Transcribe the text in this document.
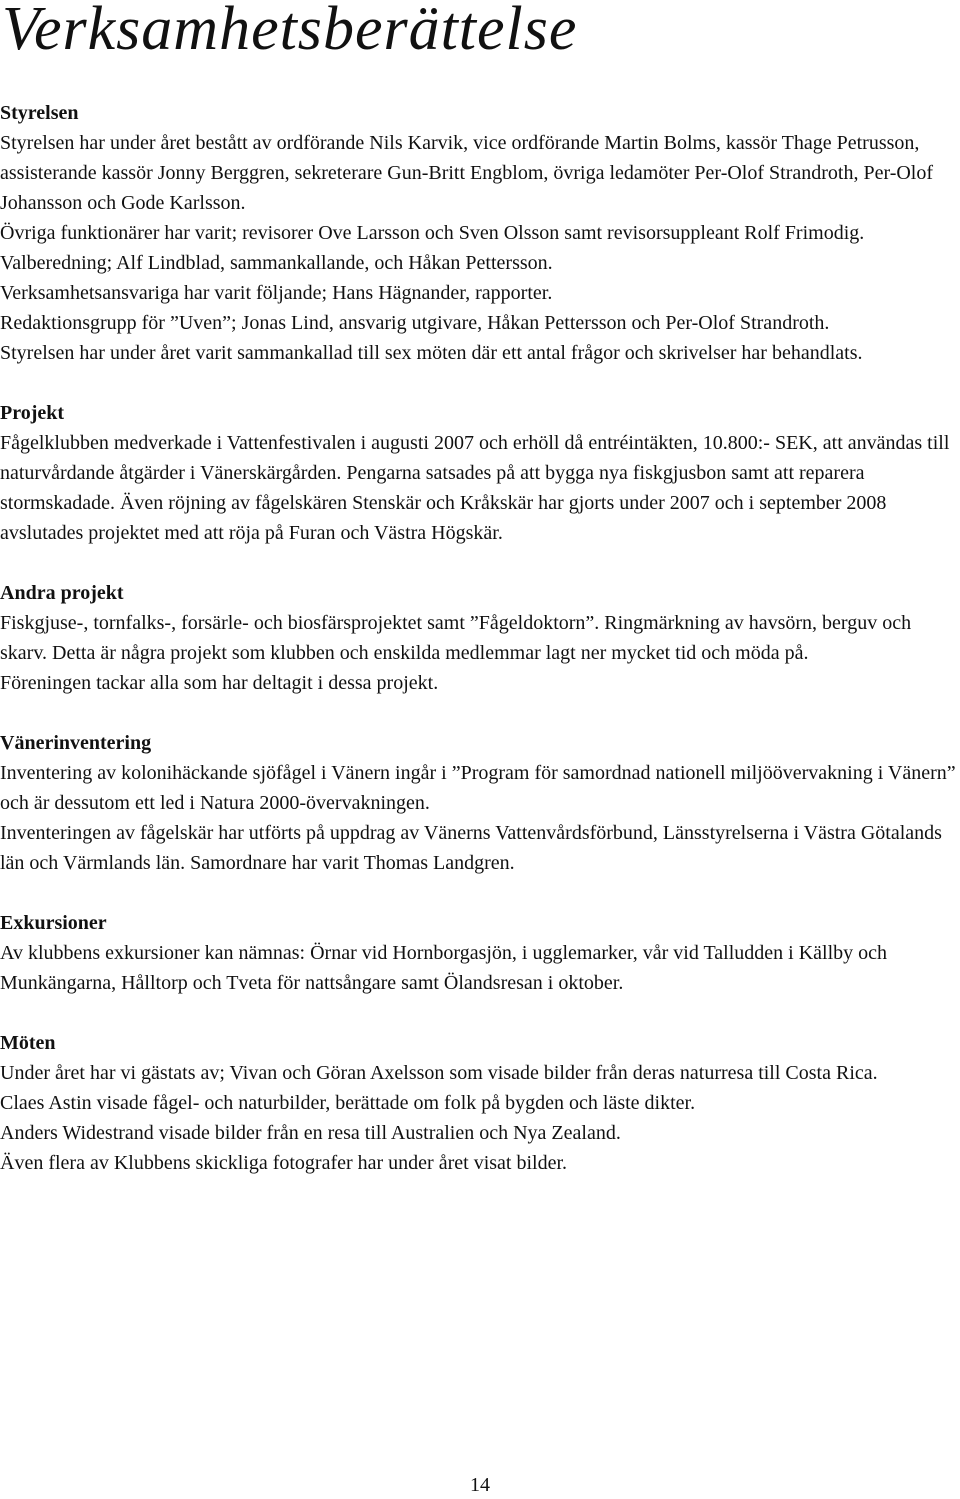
Verksamhetsberättelse
Styrelsen

Styrelsen har under året bestått av ordförande Nils Karvik, vice ordförande Martin Bolms, kassör Thage Petrusson, assisterande kassör Jonny Berggren, sekreterare Gun-Britt Engblom, övriga ledamöter Per-Olof Strandroth, Per-Olof Johansson och Gode Karlsson.

Övriga funktionärer har varit; revisorer Ove Larsson och Sven Olsson samt revisorsuppleant Rolf Frimodig.

Valberedning; Alf Lindblad, sammankallande, och Håkan Pettersson.

Verksamhetsansvariga har varit följande; Hans Hägnander, rapporter.

Redaktionsgrupp för ”Uven”; Jonas Lind, ansvarig utgivare, Håkan Pettersson och Per-Olof Strandroth.

Styrelsen har under året varit sammankallad till sex möten där ett antal frågor och skrivelser har behandlats.

Projekt

Fågelklubben medverkade i Vattenfestivalen i augusti 2007 och erhöll då entréintäkten, 10.800:- SEK, att användas till naturvårdande åtgärder i Vänerskärgården. Pengarna satsades på att bygga nya fiskgjusbon samt att reparera stormskadade. Även röjning av fågelskären Stenskär och Kråkskär har gjorts under 2007 och i september 2008 avslutades projektet med att röja på Furan och Västra Högskär.

Andra projekt

Fiskgjuse-, tornfalks-, forsärle- och biosfärsprojektet samt ”Fågeldoktorn”. Ringmärkning av havsörn, berguv och skarv. Detta är några projekt som klubben och enskilda medlemmar lagt ner mycket tid och möda på.

Föreningen tackar alla som har deltagit i dessa projekt.

Vänerinventering

Inventering av kolonihäckande sjöfågel i Vänern ingår i ”Program för samordnad nationell miljöövervakning i Vänern” och är dessutom ett led i Natura 2000-övervakningen.

Inventeringen av fågelskär har utförts på uppdrag av Vänerns Vattenvårdsförbund, Länsstyrelserna i Västra Götalands län och Värmlands län. Samordnare har varit Thomas Landgren.

Exkursioner

Av klubbens exkursioner kan nämnas: Örnar vid Hornborgasjön, i ugglemarker, vår vid Talludden i Källby och Munkängarna, Hålltorp och Tveta för nattsångare samt Ölandsresan i oktober.

Möten

Under året har vi gästats av; Vivan och Göran Axelsson som visade bilder från deras naturresa till Costa Rica.

Claes Astin visade fågel- och naturbilder, berättade om folk på bygden och läste dikter.

Anders Widestrand visade bilder från en resa till Australien och Nya Zealand.

Även flera av Klubbens skickliga fotografer har under året visat bilder.

14
